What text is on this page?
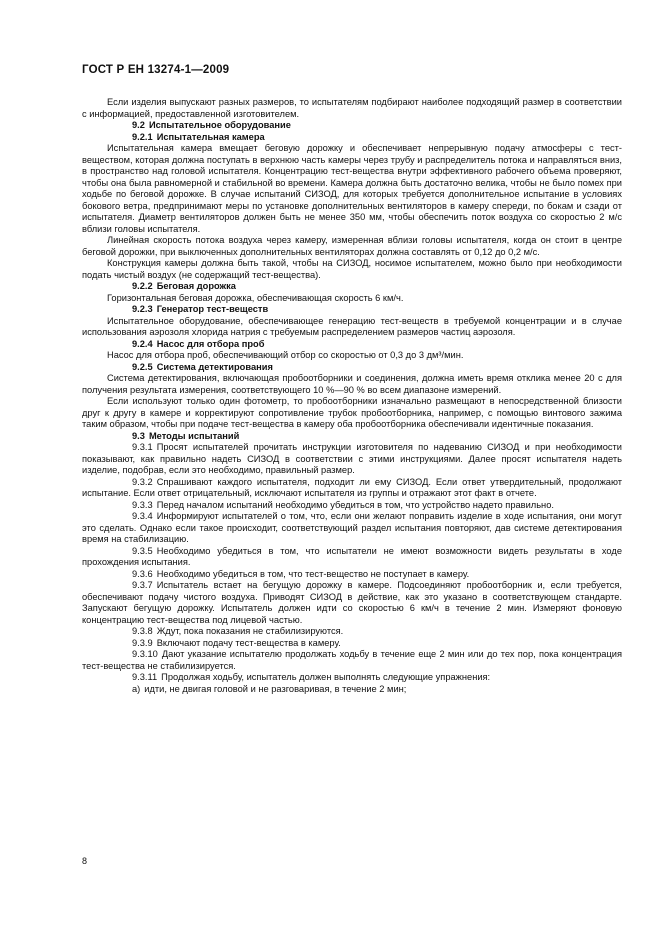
ГОСТ Р ЕН 13274-1—2009

Если изделия выпускают разных размеров, то испытателям подбирают наиболее подходящий размер в соответствии с информацией, предоставленной изготовителем.

9.2 Испытательное оборудование

9.2.1 Испытательная камера

Испытательная камера вмещает беговую дорожку и обеспечивает непрерывную подачу атмосферы с тест-веществом, которая должна поступать в верхнюю часть камеры через трубу и распределитель потока и направляться вниз, в пространство над головой испытателя. Концентрацию тест-вещества внутри эффективного рабочего объема проверяют, чтобы она была равномерной и стабильной во времени. Камера должна быть достаточно велика, чтобы не было помех при ходьбе по беговой дорожке. В случае испытаний СИЗОД, для которых требуется дополнительное испытание в условиях бокового ветра, предпринимают меры по установке дополнительных вентиляторов в камеру спереди, по бокам и сзади от испытателя. Диаметр вентиляторов должен быть не менее 350 мм, чтобы обеспечить поток воздуха со скоростью 2 м/с вблизи головы испытателя.

Линейная скорость потока воздуха через камеру, измеренная вблизи головы испытателя, когда он стоит в центре беговой дорожки, при выключенных дополнительных вентиляторах должна составлять от 0,12 до 0,2 м/с.

Конструкция камеры должна быть такой, чтобы на СИЗОД, носимое испытателем, можно было при необходимости подать чистый воздух (не содержащий тест-вещества).

9.2.2 Беговая дорожка

Горизонтальная беговая дорожка, обеспечивающая скорость 6 км/ч.

9.2.3 Генератор тест-веществ

Испытательное оборудование, обеспечивающее генерацию тест-веществ в требуемой концентрации и в случае использования аэрозоля хлорида натрия с требуемым распределением размеров частиц аэрозоля.

9.2.4 Насос для отбора проб

Насос для отбора проб, обеспечивающий отбор со скоростью от 0,3 до 3 дм³/мин.

9.2.5 Система детектирования

Система детектирования, включающая пробоотборники и соединения, должна иметь время отклика менее 20 с для получения результата измерения, соответствующего 10 %—90 % во всем диапазоне измерений.

Если используют только один фотометр, то пробоотборники изначально размещают в непосредственной близости друг к другу в камере и корректируют сопротивление трубок пробоотборника, например, с помощью винтового зажима таким образом, чтобы при подаче тест-вещества в камеру оба пробоотборника обеспечивали идентичные показания.

9.3 Методы испытаний

9.3.1 Просят испытателей прочитать инструкции изготовителя по надеванию СИЗОД и при необходимости показывают, как правильно надеть СИЗОД в соответствии с этими инструкциями. Далее просят испытателя надеть изделие, подобрав, если это необходимо, правильный размер.

9.3.2 Спрашивают каждого испытателя, подходит ли ему СИЗОД. Если ответ утвердительный, продолжают испытание. Если ответ отрицательный, исключают испытателя из группы и отражают этот факт в отчете.

9.3.3 Перед началом испытаний необходимо убедиться в том, что устройство надето правильно.

9.3.4 Информируют испытателей о том, что, если они желают поправить изделие в ходе испытания, они могут это сделать. Однако если такое происходит, соответствующий раздел испытания повторяют, дав системе детектирования время на стабилизацию.

9.3.5 Необходимо убедиться в том, что испытатели не имеют возможности видеть результаты в ходе прохождения испытания.

9.3.6 Необходимо убедиться в том, что тест-вещество не поступает в камеру.

9.3.7 Испытатель встает на бегущую дорожку в камере. Подсоединяют пробоотборник и, если требуется, обеспечивают подачу чистого воздуха. Приводят СИЗОД в действие, как это указано в соответствующем стандарте. Запускают бегущую дорожку. Испытатель должен идти со скоростью 6 км/ч в течение 2 мин. Измеряют фоновую концентрацию тест-вещества под лицевой частью.

9.3.8 Ждут, пока показания не стабилизируются.

9.3.9 Включают подачу тест-вещества в камеру.

9.3.10 Дают указание испытателю продолжать ходьбу в течение еще 2 мин или до тех пор, пока концентрация тест-вещества не стабилизируется.

9.3.11 Продолжая ходьбу, испытатель должен выполнять следующие упражнения:

а) идти, не двигая головой и не разговаривая, в течение 2 мин;

8
